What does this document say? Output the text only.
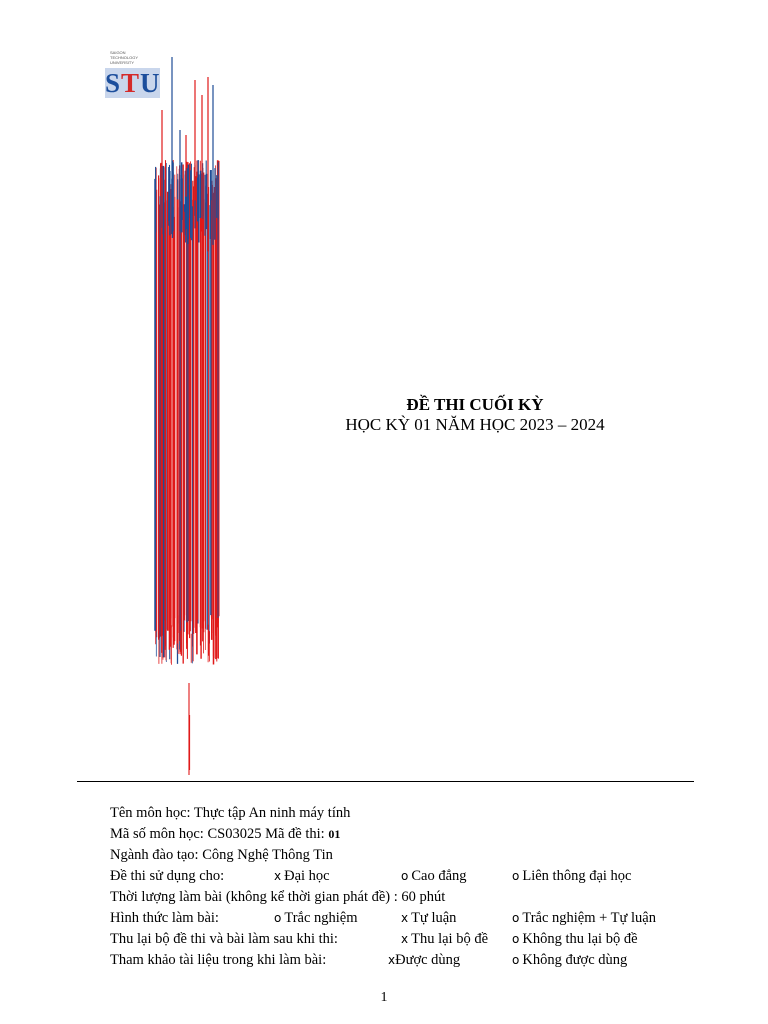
SAIGON
TECHNOLOGY
UNIVERSITY
S T U
ĐỀ THI CUỐI KỲ
HỌC KỲ 01 NĂM HỌC 2023 – 2024
Tên môn học: Thực tập An ninh máy tính
Mã số môn học: CS03025 Mã đề thi: 01
Ngành đào tạo: Công Nghệ Thông Tin
Đề thi sử dụng cho:	x Đại học	o Cao đẳng	o Liên thông đại học
Thời lượng làm bài (không kể thời gian phát đề) : 60 phút
Hình thức làm bài:	o Trắc nghiệm	x Tự luận	o Trắc nghiệm + Tự luận
Thu lại bộ đề thi và bài làm sau khi thi:	x Thu lại bộ đề o Không thu lại bộ đề
Tham khảo tài liệu trong khi làm bài:	xĐược dùng	o Không được dùng
1
